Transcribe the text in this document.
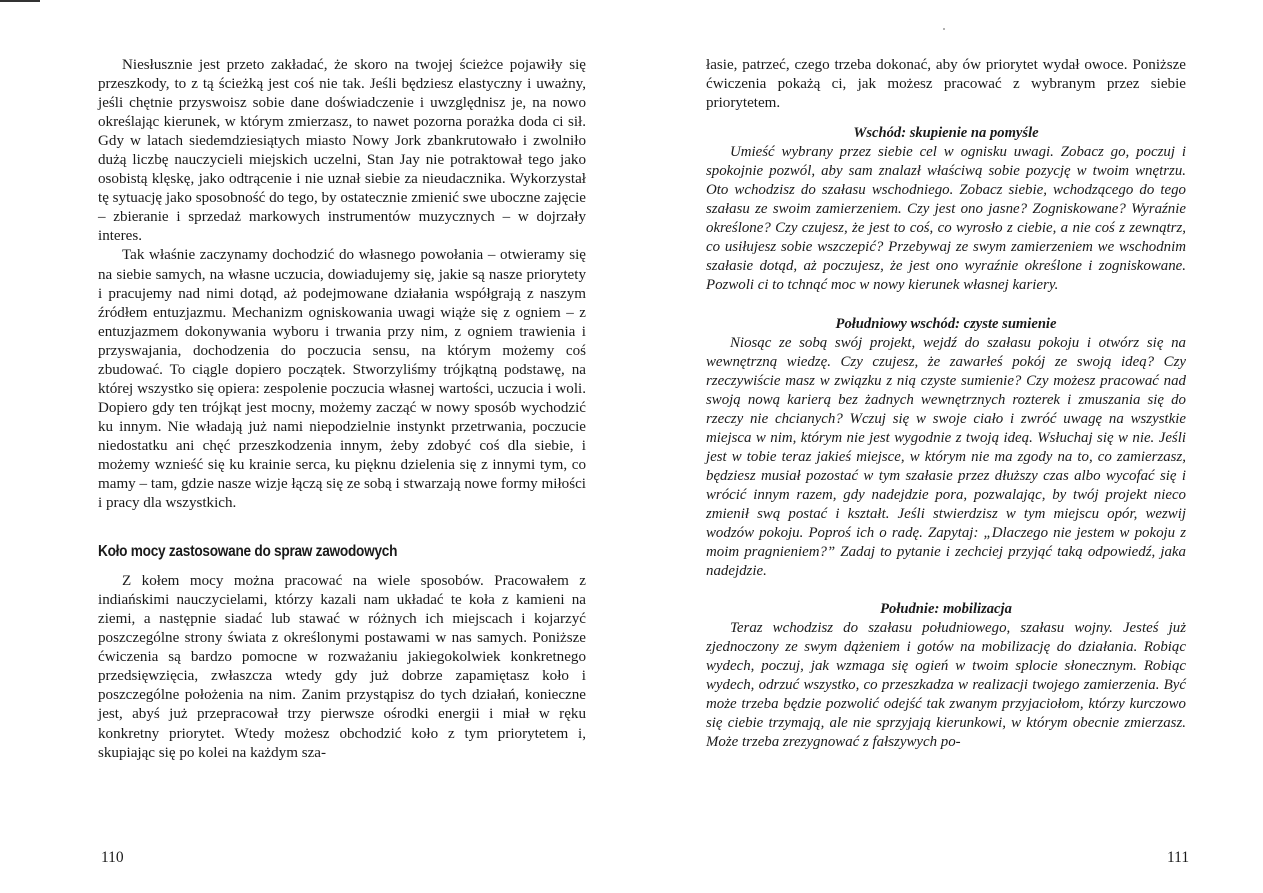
Niesłusznie jest przeto zakładać, że skoro na twojej ścieżce pojawiły się przeszkody, to z tą ścieżką jest coś nie tak. Jeśli będziesz elastyczny i uważny, jeśli chętnie przyswoisz sobie dane doświadczenie i uwzględnisz je, na nowo określając kierunek, w którym zmierzasz, to nawet pozorna porażka doda ci sił. Gdy w latach siedemdziesiątych miasto Nowy Jork zbankrutowało i zwolniło dużą liczbę nauczycieli miejskich uczelni, Stan Jay nie potraktował tego jako osobistą klęskę, jako odtrącenie i nie uznał siebie za nieudacznika. Wykorzystał tę sytuację jako sposobność do tego, by ostatecznie zmienić swe uboczne zajęcie – zbieranie i sprzedaż markowych instrumentów muzycznych – w dojrzały interes.

Tak właśnie zaczynamy dochodzić do własnego powołania – otwieramy się na siebie samych, na własne uczucia, dowiadujemy się, jakie są nasze priorytety i pracujemy nad nimi dotąd, aż podejmowane działania współgrają z naszym źródłem entuzjazmu. Mechanizm ogniskowania uwagi wiąże się z ogniem – z entuzjazmem dokonywania wyboru i trwania przy nim, z ogniem trawienia i przyswajania, dochodzenia do poczucia sensu, na którym możemy coś zbudować. To ciągle dopiero początek. Stworzyliśmy trójkątną podstawę, na której wszystko się opiera: zespolenie poczucia własnej wartości, uczucia i woli. Dopiero gdy ten trójkąt jest mocny, możemy zacząć w nowy sposób wychodzić ku innym. Nie władają już nami niepodzielnie instynkt przetrwania, poczucie niedostatku ani chęć przeszkodzenia innym, żeby zdobyć coś dla siebie, i możemy wznieść się ku krainie serca, ku pięknu dzielenia się z innymi tym, co mamy – tam, gdzie nasze wizje łączą się ze sobą i stwarzają nowe formy miłości i pracy dla wszystkich.

Koło mocy zastosowane do spraw zawodowych

Z kołem mocy można pracować na wiele sposobów. Pracowałem z indiańskimi nauczycielami, którzy kazali nam układać te koła z kamieni na ziemi, a następnie siadać lub stawać w różnych ich miejscach i kojarzyć poszczególne strony świata z określonymi postawami w nas samych. Poniższe ćwiczenia są bardzo pomocne w rozważaniu jakiegokolwiek konkretnego przedsięwzięcia, zwłaszcza wtedy gdy już dobrze zapamiętasz koło i poszczególne położenia na nim. Zanim przystąpisz do tych działań, konieczne jest, abyś już przepracował trzy pierwsze ośrodki energii i miał w ręku konkretny priorytet. Wtedy możesz obchodzić koło z tym priorytetem i, skupiając się po kolei na każdym sza-

łasie, patrzeć, czego trzeba dokonać, aby ów priorytet wydał owoce. Poniższe ćwiczenia pokażą ci, jak możesz pracować z wybranym przez siebie priorytetem.

Wschód: skupienie na pomyśle

Umieść wybrany przez siebie cel w ognisku uwagi. Zobacz go, poczuj i spokojnie pozwól, aby sam znalazł właściwą sobie pozycję w twoim wnętrzu. Oto wchodzisz do szałasu wschodniego. Zobacz siebie, wchodzącego do tego szałasu ze swoim zamierzeniem. Czy jest ono jasne? Zogniskowane? Wyraźnie określone? Czy czujesz, że jest to coś, co wyrosło z ciebie, a nie coś z zewnątrz, co usiłujesz sobie wszczepić? Przebywaj ze swym zamierzeniem we wschodnim szałasie dotąd, aż poczujesz, że jest ono wyraźnie określone i zogniskowane. Pozwoli ci to tchnąć moc w nowy kierunek własnej kariery.

Południowy wschód: czyste sumienie

Niosąc ze sobą swój projekt, wejdź do szałasu pokoju i otwórz się na wewnętrzną wiedzę. Czy czujesz, że zawarłeś pokój ze swoją ideą? Czy rzeczywiście masz w związku z nią czyste sumienie? Czy możesz pracować nad swoją nową karierą bez żadnych wewnętrznych rozterek i zmuszania się do rzeczy nie chcianych? Wczuj się w swoje ciało i zwróć uwagę na wszystkie miejsca w nim, którym nie jest wygodnie z twoją ideą. Wsłuchaj się w nie. Jeśli jest w tobie teraz jakieś miejsce, w którym nie ma zgody na to, co zamierzasz, będziesz musiał pozostać w tym szałasie przez dłuższy czas albo wycofać się i wrócić innym razem, gdy nadejdzie pora, pozwalając, by twój projekt nieco zmienił swą postać i kształt. Jeśli stwierdzisz w tym miejscu opór, wezwij wodzów pokoju. Poproś ich o radę. Zapytaj: „Dlaczego nie jestem w pokoju z moim pragnieniem?” Zadaj to pytanie i zechciej przyjąć taką odpowiedź, jaka nadejdzie.

Południe: mobilizacja

Teraz wchodzisz do szałasu południowego, szałasu wojny. Jesteś już zjednoczony ze swym dążeniem i gotów na mobilizację do działania. Robiąc wydech, poczuj, jak wzmaga się ogień w twoim splocie słonecznym. Robiąc wydech, odrzuć wszystko, co przeszkadza w realizacji twojego zamierzenia. Być może trzeba będzie pozwolić odejść tak zwanym przyjaciołom, którzy kurczowo się ciebie trzymają, ale nie sprzyjają kierunkowi, w którym obecnie zmierzasz. Może trzeba zrezygnować z fałszywych po-

110	111
